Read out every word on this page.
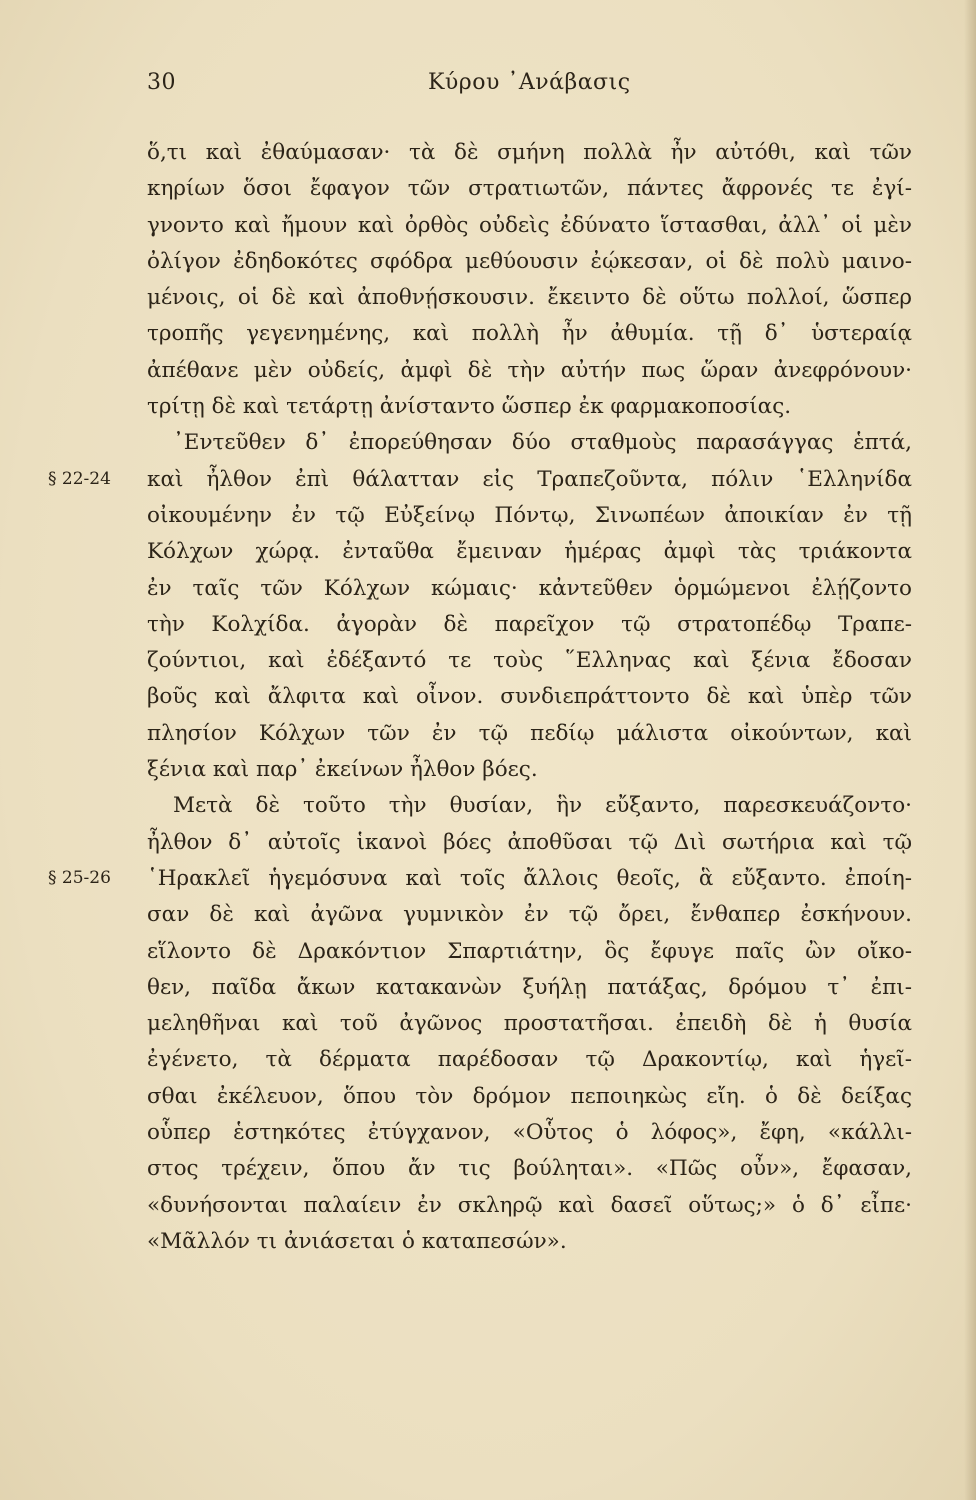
30	Κύρου ᾿Ανάβασις
§ 22-24
§ 25-26
ὅ,τι καὶ ἐθαύμασαν· τὰ δὲ σμήνη πολλὰ ἦν αὐτόθι, καὶ τῶν
κηρίων ὅσοι ἔφαγον τῶν στρατιωτῶν, πάντες ἄφρονές τε ἐγί-
γνοντο καὶ ἤμουν καὶ ὀρθὸς οὐδεὶς ἐδύνατο ἵστασθαι, ἀλλ᾿ οἱ μὲν
ὀλίγον ἐδηδοκότες σφόδρα μεθύουσιν ἐῴκεσαν, οἱ δὲ πολὺ μαινο-
μένοις, οἱ δὲ καὶ ἀποθνῄσκουσιν. ἔκειντο δὲ οὕτω πολλοί, ὥσπερ
τροπῆς γεγενημένης, καὶ πολλὴ ἦν ἀθυμία. τῇ δ᾿ ὑστεραίᾳ
ἀπέθανε μὲν οὐδείς, ἀμφὶ δὲ τὴν αὐτήν πως ὥραν ἀνεφρόνουν·
τρίτῃ δὲ καὶ τετάρτῃ ἀνίσταντο ὥσπερ ἐκ φαρμακοποσίας.
᾿Εντεῦθεν δ᾿ ἐπορεύθησαν δύο σταθμοὺς παρασάγγας ἑπτά,
καὶ ἦλθον ἐπὶ θάλατταν εἰς Τραπεζοῦντα, πόλιν ῾Ελληνίδα
οἰκουμένην ἐν τῷ Εὐξείνῳ Πόντῳ, Σινωπέων ἀποικίαν ἐν τῇ
Κόλχων χώρᾳ. ἐνταῦθα ἔμειναν ἡμέρας ἀμφὶ τὰς τριάκοντα
ἐν ταῖς τῶν Κόλχων κώμαις· κἀντεῦθεν ὁρμώμενοι ἐλῄζοντο
τὴν Κολχίδα. ἀγορὰν δὲ παρεῖχον τῷ στρατοπέδῳ Τραπε-
ζούντιοι, καὶ ἐδέξαντό τε τοὺς ῞Ελληνας καὶ ξένια ἔδοσαν
βοῦς καὶ ἄλφιτα καὶ οἶνον. συνδιεπράττοντο δὲ καὶ ὑπὲρ τῶν
πλησίον Κόλχων τῶν ἐν τῷ πεδίῳ μάλιστα οἰκούντων, καὶ
ξένια καὶ παρ᾿ ἐκείνων ἦλθον βόες.
Μετὰ δὲ τοῦτο τὴν θυσίαν, ἣν εὔξαντο, παρεσκευάζοντο·
ἦλθον δ᾿ αὐτοῖς ἱκανοὶ βόες ἀποθῦσαι τῷ Διὶ σωτήρια καὶ τῷ
῾Ηρακλεῖ ἡγεμόσυνα καὶ τοῖς ἄλλοις θεοῖς, ἃ εὔξαντο. ἐποίη-
σαν δὲ καὶ ἀγῶνα γυμνικὸν ἐν τῷ ὄρει, ἔνθαπερ ἐσκήνουν.
εἵλοντο δὲ Δρακόντιον Σπαρτιάτην, ὃς ἔφυγε παῖς ὢν οἴκο-
θεν, παῖδα ἄκων κατακανὼν ξυήλῃ πατάξας, δρόμου τ᾿ ἐπι-
μεληθῆναι καὶ τοῦ ἀγῶνος προστατῆσαι. ἐπειδὴ δὲ ἡ θυσία
ἐγένετο, τὰ δέρματα παρέδοσαν τῷ Δρακοντίῳ, καὶ ἡγεῖ-
σθαι ἐκέλευον, ὅπου τὸν δρόμον πεποιηκὼς εἴη. ὁ δὲ δείξας
οὗπερ ἑστηκότες ἐτύγχανον, «Οὗτος ὁ λόφος», ἔφη, «κάλλι-
στος τρέχειν, ὅπου ἄν τις βούληται». «Πῶς οὖν», ἔφασαν,
«δυνήσονται παλαίειν ἐν σκληρῷ καὶ δασεῖ οὕτως;» ὁ δ᾿ εἶπε·
«Μᾶλλόν τι ἀνιάσεται ὁ καταπεσών».
